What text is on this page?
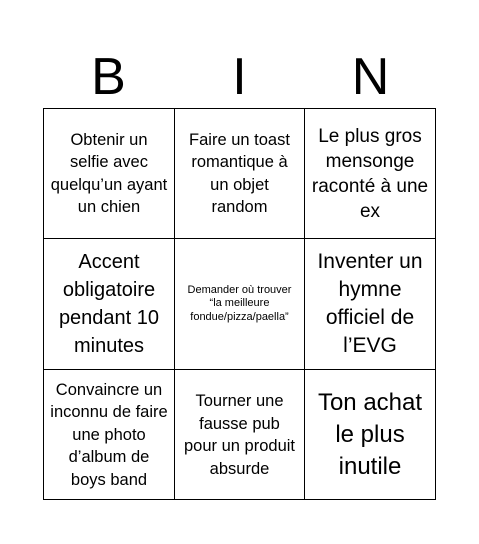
B	I	N
Obtenir un selfie avec quelqu’un ayant un chien
Faire un toast romantique à un objet random
Le plus gros mensonge raconté à une ex
Accent obligatoire pendant 10 minutes
Demander où trouver “la meilleure fondue/pizza/paella”
Inventer un hymne officiel de l’EVG
Convaincre un inconnu de faire une photo d’album de boys band
Tourner une fausse pub pour un produit absurde
Ton achat le plus inutile
